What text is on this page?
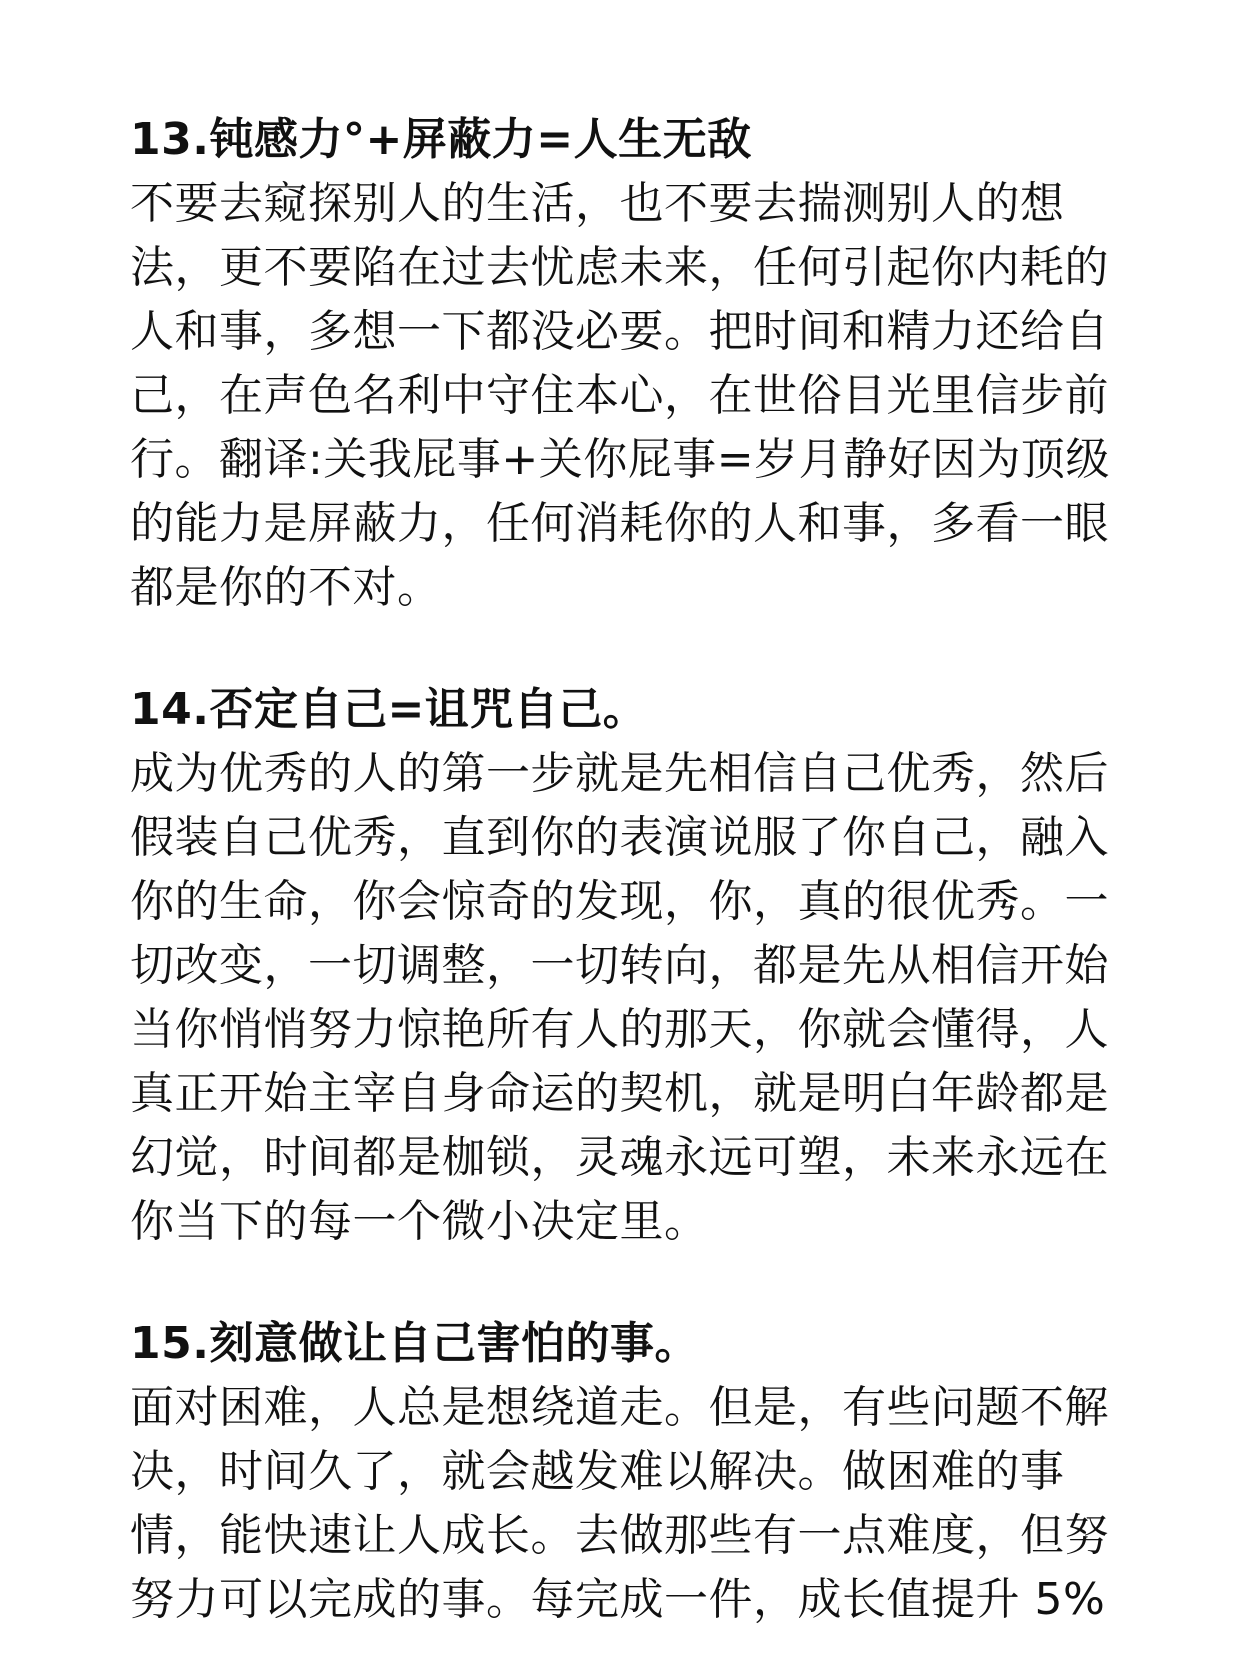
13.钝感力°+屏蔽力=人生无敌

不要去窥探别人的生活，也不要去揣测别人的想
法，更不要陷在过去忧虑未来，任何引起你内耗的
人和事，多想一下都没必要。把时间和精力还给自
己，在声色名利中守住本心，在世俗目光里信步前
行。翻译:关我屁事+关你屁事=岁月静好因为顶级
的能力是屏蔽力，任何消耗你的人和事，多看一眼
都是你的不对。

14.否定自己=诅咒自己。

成为优秀的人的第一步就是先相信自己优秀，然后
假装自己优秀，直到你的表演说服了你自己，融入
你的生命，你会惊奇的发现，你，真的很优秀。一
切改变，一切调整，一切转向，都是先从相信开始
当你悄悄努力惊艳所有人的那天，你就会懂得，人
真正开始主宰自身命运的契机，就是明白年龄都是
幻觉，时间都是枷锁，灵魂永远可塑，未来永远在
你当下的每一个微小决定里。

15.刻意做让自己害怕的事。

面对困难，人总是想绕道走。但是，有些问题不解
决，时间久了，就会越发难以解决。做困难的事
情，能快速让人成长。去做那些有一点难度，但努
努力可以完成的事。每完成一件，成长值提升 5%
